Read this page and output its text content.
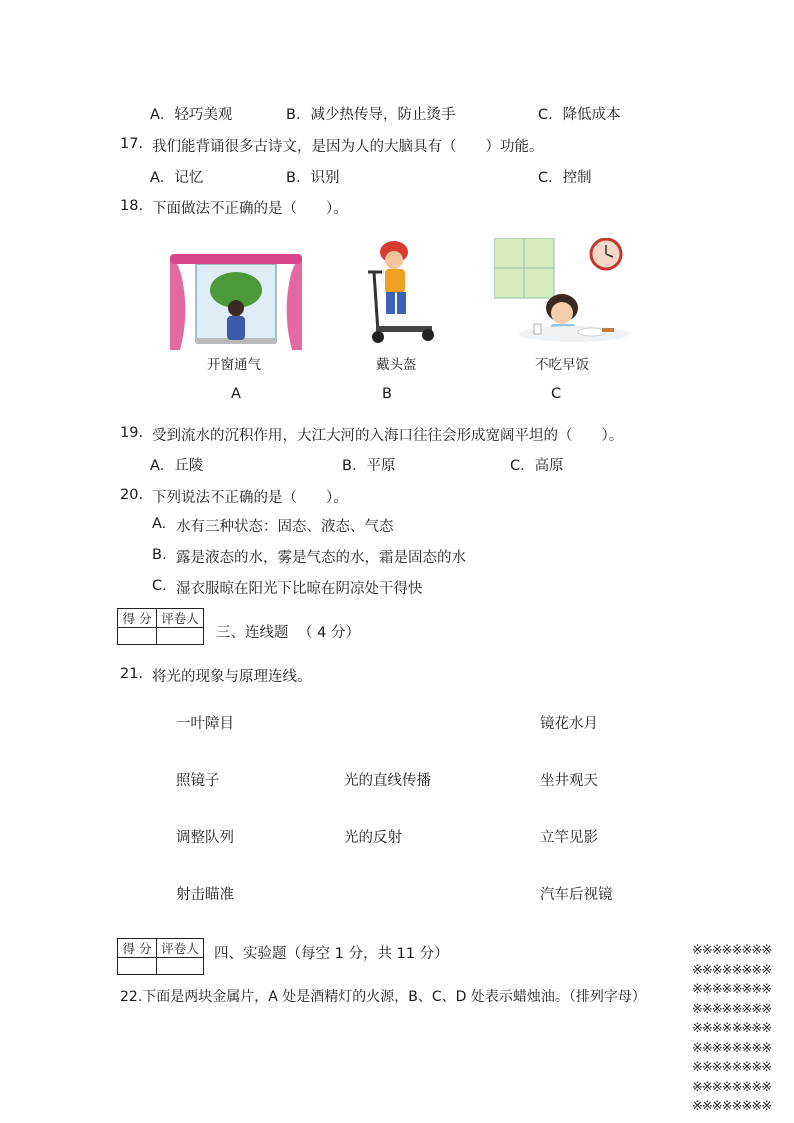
A．轻巧美观	B．减少热传导，防止烫手	C．降低成本
17. 我们能背诵很多古诗文，是因为人的大脑具有（　　）功能。
A．记忆	B．识别	C．控制
18. 下面做法不正确的是（　　）。
开窗通气
A
戴头盔
B
不吃早饭
C
19. 受到流水的沉积作用，大江大河的入海口往往会形成宽阔平坦的（　　）。
A．丘陵	B．平原	C．高原
20. 下列说法不正确的是（　　）。
A. 水有三种状态：固态、液态、气态
B. 露是液态的水，雾是气态的水，霜是固态的水
C. 湿衣服晾在阳光下比晾在阴凉处干得快
得 分	评卷人

三、连线题 （ 4 分）
21. 将光的现象与原理连线。
一叶障目
照镜子
调整队列
射击瞄准
光的直线传播
光的反射
镜花水月
坐井观天
立竿见影
汽车后视镜
得 分	评卷人
	四、实验题（每空 1 分，共 11 分）
22.下面是两块金属片，A 处是酒精灯的火源，B、C、D 处表示蜡烛油。（排列字母）
※※※※※※※※
※※※※※※※※
※※※※※※※※
※※※※※※※※
※※※※※※※※
※※※※※※※※
※※※※※※※※
※※※※※※※※
※※※※※※※※
